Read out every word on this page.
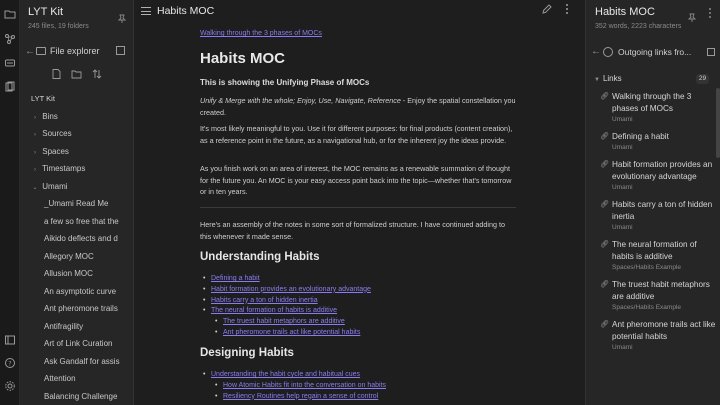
?
LYT Kit
245 files, 19 folders
← File explorer
LYT Kit
› Bins
› Sources
› Spaces
› Timestamps
⌄ Umami
_Umami Read Me
a few so free that the
Aikido deflects and d
Allegory MOC
Allusion MOC
An asymptotic curve
Ant pheromone trails
Antifragility
Art of Link Curation
Ask Gandalf for assis
Attention
Balancing Challenge
Habits MOC
Walking through the 3 phases of MOCs
Habits MOC
This is showing the Unifying Phase of MOCs
Unify & Merge with the whole; Enjoy, Use, Navigate, Reference - Enjoy the spatial constellation you created.
It's most likely meaningful to you. Use it for different purposes: for final products (content creation), as a reference point in the future, as a navigational hub, or for the inherent joy the ideas provide.
As you finish work on an area of interest, the MOC remains as a renewable summation of thought for the future you. An MOC is your easy access point back into the topic—whether that's tomorrow or in ten years.
Here's an assembly of the notes in some sort of formalized structure. I have continued adding to this whenever it made sense.
Understanding Habits
• Defining a habit
• Habit formation provides an evolutionary advantage
• Habits carry a ton of hidden inertia
• The neural formation of habits is additive
• The truest habit metaphors are additive
• Ant pheromone trails act like potential habits
Designing Habits
• Understanding the habit cycle and habitual cues
• How Atomic Habits fit into the conversation on habits
• Resiliency Routines help regain a sense of control
Habits MOC
352 words, 2223 characters
← Outgoing links fro...
▼ Links	29
🔗︎ Walking through the 3 phases of MOCs
Umami
🔗︎ Defining a habit
Umami
🔗︎ Habit formation provides an evolutionary advantage
Umami
🔗︎ Habits carry a ton of hidden inertia
Umami
🔗︎ The neural formation of habits is additive
Spaces/Habits Example
🔗︎ The truest habit metaphors are additive
Spaces/Habits Example
🔗︎ Ant pheromone trails act like potential habits
Umami
